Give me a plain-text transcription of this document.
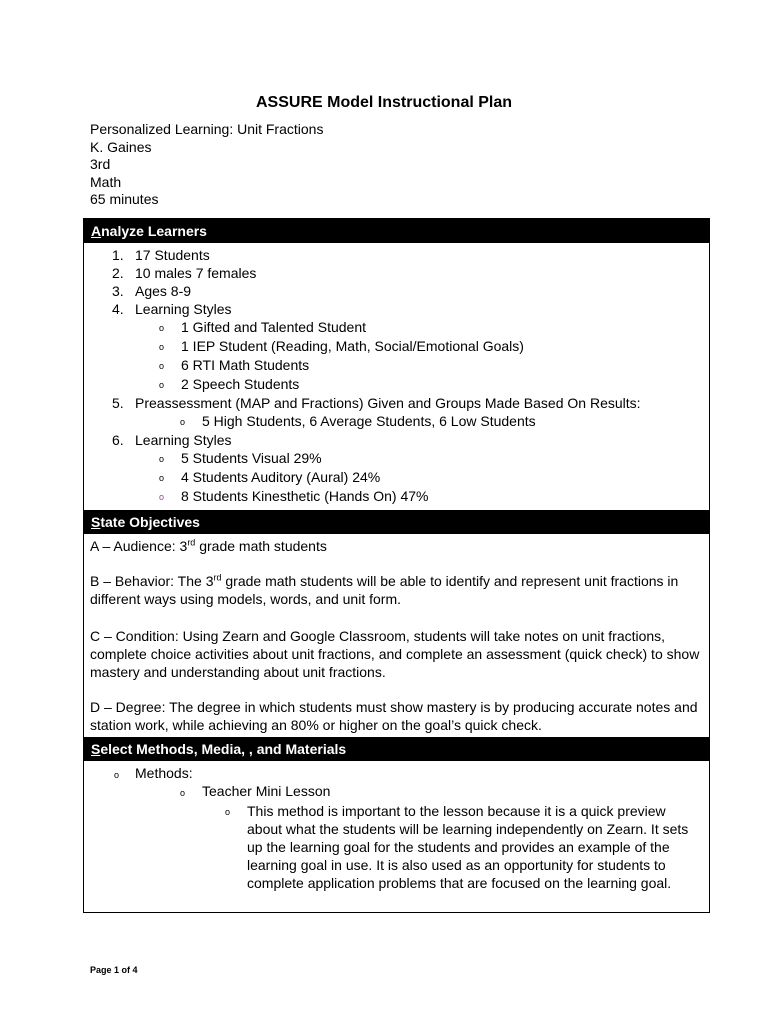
ASSURE Model Instructional Plan
Personalized Learning: Unit Fractions
K. Gaines
3rd
Math
65 minutes
Analyze Learners
1. 17 Students
2. 10 males 7 females
3. Ages 8-9
4. Learning Styles
o 1 Gifted and Talented Student
o 1 IEP Student (Reading, Math, Social/Emotional Goals)
o 6 RTI Math Students
o 2 Speech Students
5. Preassessment (MAP and Fractions) Given and Groups Made Based On Results:
o 5 High Students, 6 Average Students, 6 Low Students
6. Learning Styles
o 5 Students Visual 29%
o 4 Students Auditory (Aural) 24%
o 8 Students Kinesthetic (Hands On) 47%
State Objectives
A – Audience: 3rd grade math students
B – Behavior: The 3rd grade math students will be able to identify and represent unit fractions in different ways using models, words, and unit form.
C – Condition: Using Zearn and Google Classroom, students will take notes on unit fractions, complete choice activities about unit fractions, and complete an assessment (quick check) to show mastery and understanding about unit fractions.
D – Degree: The degree in which students must show mastery is by producing accurate notes and station work, while achieving an 80% or higher on the goal’s quick check.
Select Methods, Media, , and Materials
o Methods:
o Teacher Mini Lesson
o This method is important to the lesson because it is a quick preview about what the students will be learning independently on Zearn. It sets up the learning goal for the students and provides an example of the learning goal in use. It is also used as an opportunity for students to complete application problems that are focused on the learning goal.
Page 1 of 4
